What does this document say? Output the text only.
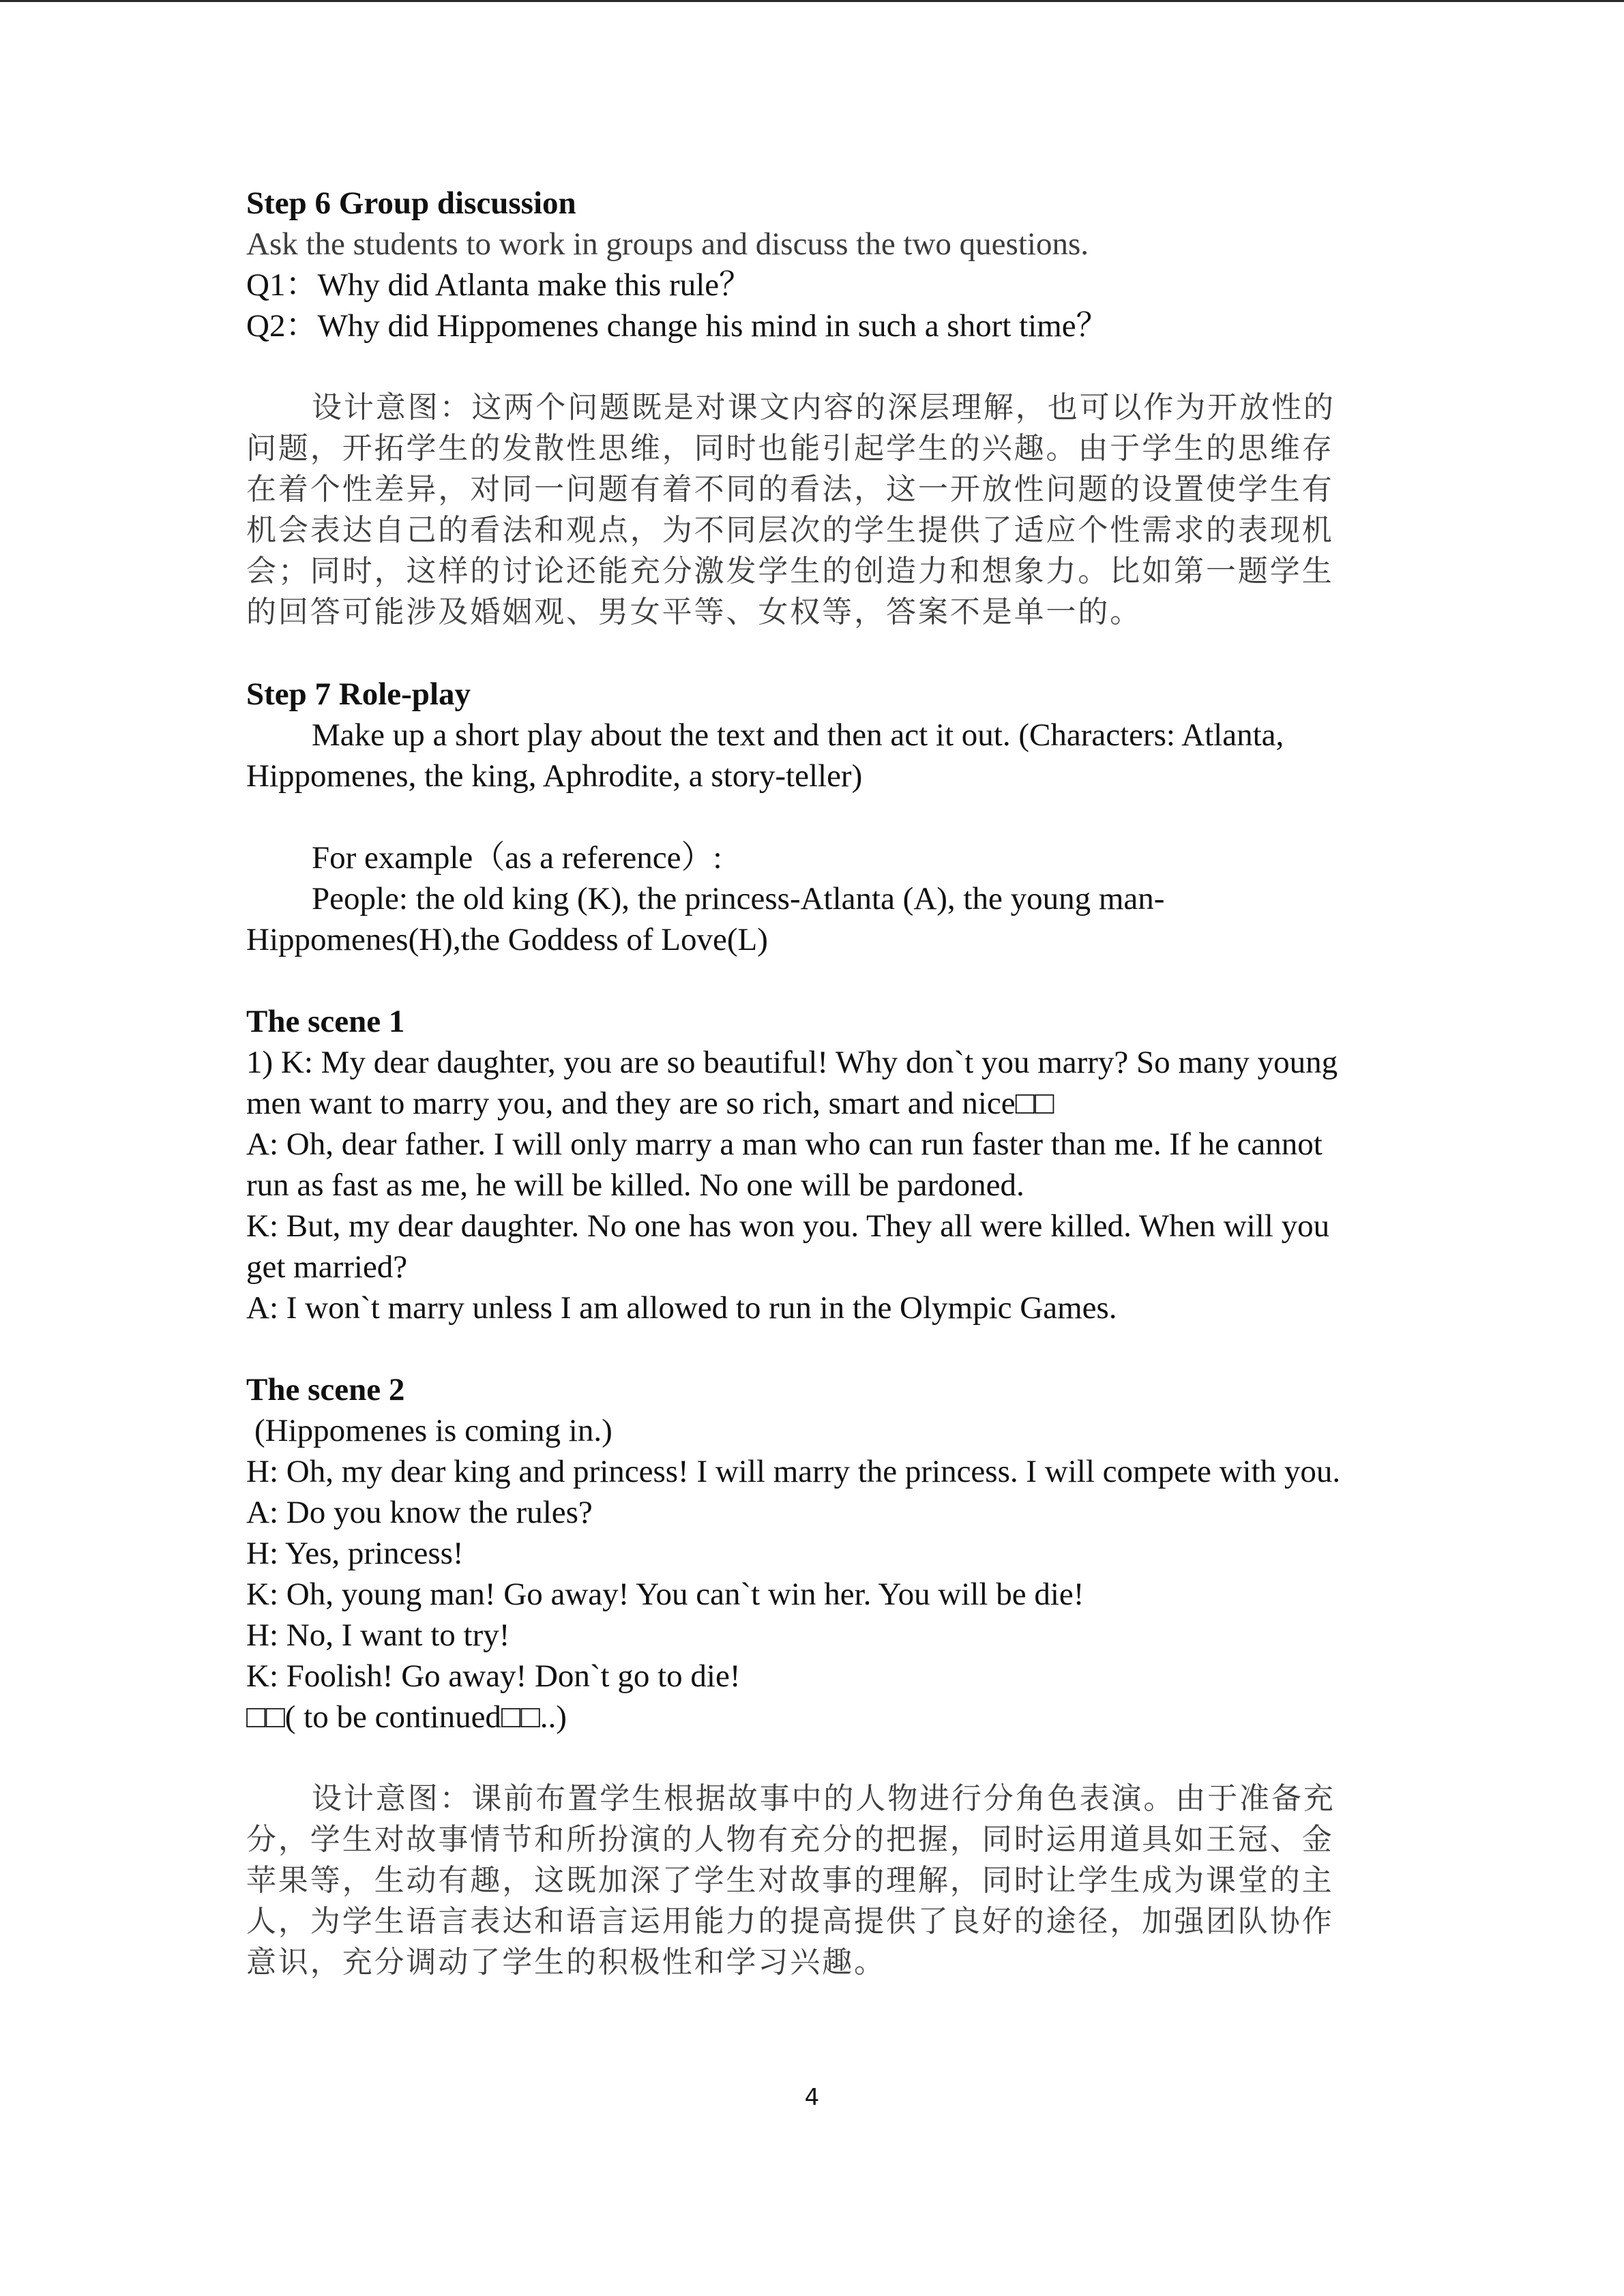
Step 6 Group discussion
Ask the students to work in groups and discuss the two questions.
Q1：Why did Atlanta make this rule？
Q2：Why did Hippomenes change his mind in such a short time？
设计意图：这两个问题既是对课文内容的深层理解，也可以作为开放性的
问题，开拓学生的发散性思维，同时也能引起学生的兴趣。由于学生的思维存
在着个性差异，对同一问题有着不同的看法，这一开放性问题的设置使学生有
机会表达自己的看法和观点，为不同层次的学生提供了适应个性需求的表现机
会；同时，这样的讨论还能充分激发学生的创造力和想象力。比如第一题学生
的回答可能涉及婚姻观、男女平等、女权等，答案不是单一的。
Step 7 Role-play
Make up a short play about the text and then act it out. (Characters: Atlanta,
Hippomenes, the king, Aphrodite, a story-teller)
For example（as a reference）:
People: the old king (K), the princess-Atlanta (A), the young man-
Hippomenes(H),the Goddess of Love(L)
The scene 1
1) K: My dear daughter, you are so beautiful! Why don`t you marry? So many young
men want to marry you, and they are so rich, smart and nice□□
A: Oh, dear father. I will only marry a man who can run faster than me. If he cannot
run as fast as me, he will be killed. No one will be pardoned.
K: But, my dear daughter. No one has won you. They all were killed. When will you
get married?
A: I won`t marry unless I am allowed to run in the Olympic Games.
The scene 2
(Hippomenes is coming in.)
H: Oh, my dear king and princess! I will marry the princess. I will compete with you.
A: Do you know the rules?
H: Yes, princess!
K: Oh, young man! Go away! You can`t win her. You will be die!
H: No, I want to try!
K: Foolish! Go away! Don`t go to die!
□□( to be continued□□..)
设计意图：课前布置学生根据故事中的人物进行分角色表演。由于准备充
分，学生对故事情节和所扮演的人物有充分的把握，同时运用道具如王冠、金
苹果等，生动有趣，这既加深了学生对故事的理解，同时让学生成为课堂的主
人，为学生语言表达和语言运用能力的提高提供了良好的途径，加强团队协作
意识，充分调动了学生的积极性和学习兴趣。
4
